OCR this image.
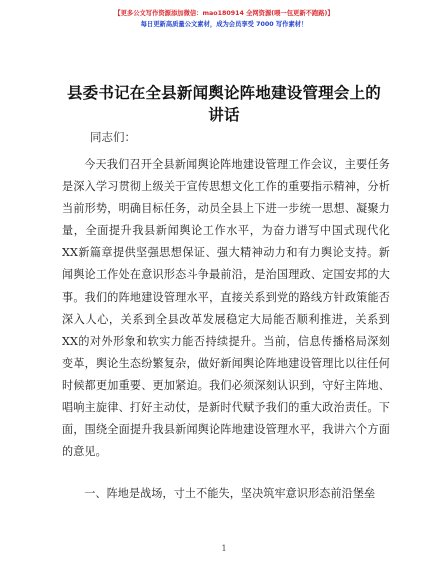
【更多公文写作资源添加微信：mao180914 全网资源(喂一包更新不跑路)】
每日更新高质量公文素材，成为会员享受 7000 写作素材！
县委书记在全县新闻舆论阵地建设管理会上的讲话
同志们：

今天我们召开全县新闻舆论阵地建设管理工作会议，主要任务是深入学习贯彻上级关于宣传思想文化工作的重要指示精神，分析当前形势，明确目标任务，动员全县上下进一步统一思想、凝聚力量，全面提升我县新闻舆论工作水平，为奋力谱写中国式现代化XX新篇章提供坚强思想保证、强大精神动力和有力舆论支持。新闻舆论工作处在意识形态斗争最前沿，是治国理政、定国安邦的大事。我们的阵地建设管理水平，直接关系到党的路线方针政策能否深入人心，关系到全县改革发展稳定大局能否顺利推进，关系到XX的对外形象和软实力能否持续提升。当前，信息传播格局深刻变革，舆论生态纷繁复杂，做好新闻舆论阵地建设管理比以往任何时候都更加重要、更加紧迫。我们必须深刻认识到，守好主阵地、唱响主旋律、打好主动仗，是新时代赋予我们的重大政治责任。下面，围绕全面提升我县新闻舆论阵地建设管理水平，我讲六个方面的意见。

一、阵地是战场，寸土不能失，坚决筑牢意识形态前沿堡垒

1
